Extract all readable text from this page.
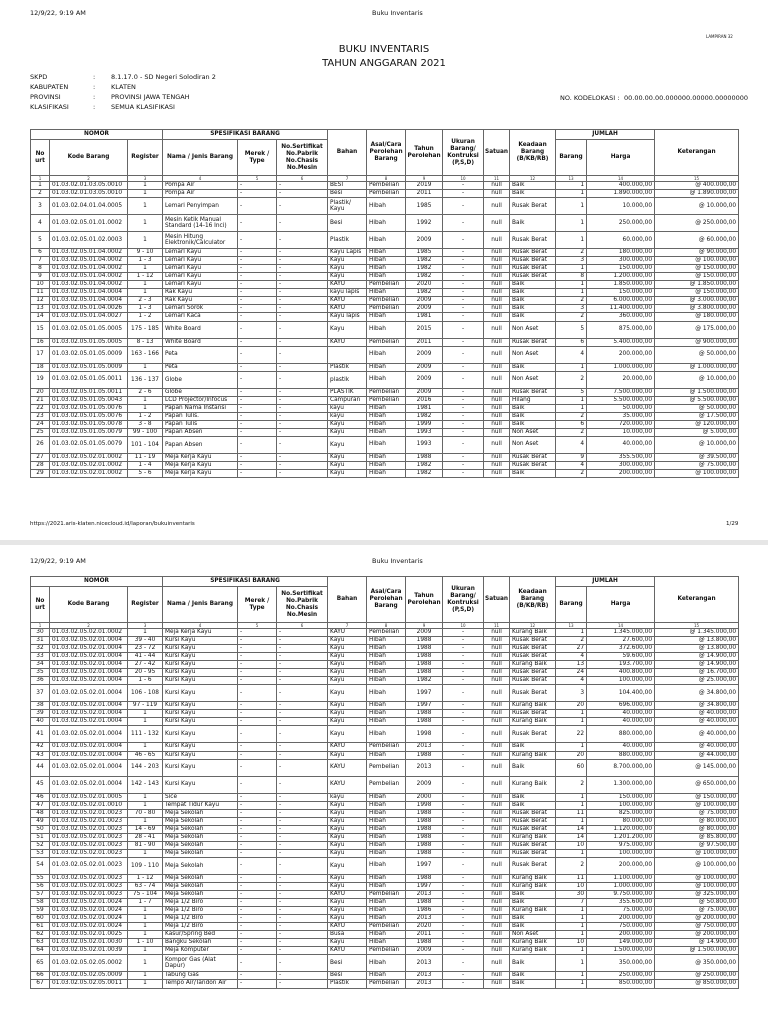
12/9/22, 9:19 AM	Buku Inventaris
LAMPIRAN 32
BUKU INVENTARIS
TAHUN ANGGARAN 2021
SKPD	: 8.1.17.0 - SD Negeri Solodiran 2
KABUPATEN	: KLATEN
PROVINSI	: PROVINSI JAWA TENGAH
KLASIFIKASI	: SEMUA KLASIFIKASI
NO. KODELOKASI : 00.00.00.00.000000.00000.00000000
NOMOR			SPESIFIKASI BARANG			Bahan	Asal/Cara Perolehan Barang	Tahun Perolehan	Ukuran Barang/ Kontruksi (P,S,D)	Satuan	Keadaan Barang (B/KB/RB)	JUMLAH		Keterangan
No urt	Kode Barang	Register	Nama / Jenis Barang	Merek / Type	No.Sertifikat No.Pabrik No.Chasis No.Mesin							Barang	Harga	
1	2	3	4	5	6	7	8	9	10	11	12	13	14	15
1	01.03.02.01.03.05.0010	1	Pompa Air	-	-	BESI	Pembelian	2019	-	null	Baik	1	400.000,00	@ 400.000,00
2	01.03.02.01.03.05.0010	1	Pompa Air	-	-	Besi	Pembelian	2011	-	null	Baik	1	1.890.000,00	@ 1.890.000,00
3	01.03.02.04.01.04.0005	1	Lemari Penyimpan	-	-	Plastik/ Kayu	Hibah	1985	-	null	Rusak Berat	1	10.000,00	@ 10.000,00
4	01.03.02.05.01.01.0002	1	Mesin Ketik Manual Standard (14-16 Inci)	-	-	Besi	Hibah	1992	-	null	Baik	1	250.000,00	@ 250.000,00
5	01.03.02.05.01.02.0003	1	Mesin Hitung Elektronik/Calculator	-	-	Plastik	Hibah	2009	-	null	Rusak Berat	1	60.000,00	@ 60.000,00
6	01.03.02.05.01.04.0002	9 - 10	Lemari Kayu	-	-	Kayu Lapis	Hibah	1985	-	null	Rusak Berat	2	180.000,00	@ 90.000,00
7	01.03.02.05.01.04.0002	1 - 3	Lemari Kayu	-	-	Kayu	Hibah	1982	-	null	Rusak Berat	3	300.000,00	@ 100.000,00
8	01.03.02.05.01.04.0002	1	Lemari Kayu	-	-	Kayu	Hibah	1982	-	null	Rusak Berat	1	150.000,00	@ 150.000,00
9	01.03.02.05.01.04.0002	1 - 12	Lemari Kayu	-	-	Kayu	Hibah	1982	-	null	Rusak Berat	8	1.200.000,00	@ 150.000,00
10	01.03.02.05.01.04.0002	1	Lemari Kayu	-	-	KAYU	Pembelian	2020	-	null	Baik	1	1.850.000,00	@ 1.850.000,00
11	01.03.02.05.01.04.0004	1	Rak Kayu	-	-	kayu lapis	Hibah	1982	-	null	Baik	1	150.000,00	@ 150.000,00
12	01.03.02.05.01.04.0004	2 - 3	Rak Kayu	-	-	KAYU	Pembelian	2009	-	null	Baik	2	6.000.000,00	@ 3.000.000,00
13	01.03.02.05.01.04.0026	1 - 3	Lemari Sorok	-	-	KAYU	Pembelian	2009	-	null	Baik	3	11.400.000,00	@ 3.800.000,00
14	01.03.02.05.01.04.0027	1 - 2	Lemari Kaca	-	-	Kayu lapis	Hibah	1981	-	null	Baik	2	360.000,00	@ 180.000,00
15	01.03.02.05.01.05.0005	175 - 185	White Board	-	-	Kayu	Hibah	2015	-	null	Non Aset	5	875.000,00	@ 175.000,00
16	01.03.02.05.01.05.0005	8 - 13	White Board	-	-	KAYU	Pembelian	2011	-	null	Rusak Berat	6	5.400.000,00	@ 900.000,00
17	01.03.02.05.01.05.0009	163 - 166	Peta	-	-		Hibah	2009	-	null	Non Aset	4	200.000,00	@ 50.000,00
18	01.03.02.05.01.05.0009	1	Peta	-	-	Plastik	Hibah	2009	-	null	Baik	1	1.000.000,00	@ 1.000.000,00
19	01.03.02.05.01.05.0011	136 - 137	Globe	-	-	plastik	Hibah	2009	-	null	Non Aset	2	20.000,00	@ 10.000,00
20	01.03.02.05.01.05.0011	2 - 6	Globe	-	-	PLASTIK	Pembelian	2009	-	null	Rusak Berat	5	7.500.000,00	@ 1.500.000,00
21	01.03.02.05.01.05.0043	1	LCD Projector/Infocus	-	-	Campuran	Pembelian	2016	-	null	Hilang	1	5.500.000,00	@ 5.500.000,00
22	01.03.02.05.01.05.0076	1	Papan Nama Instansi	-	-	kayu	Hibah	1981	-	null	Baik	1	50.000,00	@ 50.000,00
23	01.03.02.05.01.05.0076	1 - 2	Papan Tulis.	-	-	kayu	Hibah	1982	-	null	Baik	2	35.000,00	@ 17.500,00
24	01.03.02.05.01.05.0078	3 - 8	Papan Tulis	-	-	Kayu	Hibah	1999	-	null	Baik	6	720.000,00	@ 120.000,00
25	01.03.02.05.01.05.0079	99 - 100	Papan Absen	-	-	Kayu	Hibah	1993	-	null	Non Aset	2	10.000,00	@ 5.000,00
26	01.03.02.05.01.05.0079	101 - 104	Papan Absen	-	-	Kayu	Hibah	1993	-	null	Non Aset	4	40.000,00	@ 10.000,00
27	01.03.02.05.02.01.0002	11 - 19	Meja Kerja Kayu	-	-	Kayu	Hibah	1988	-	null	Rusak Berat	9	355.500,00	@ 39.500,00
28	01.03.02.05.02.01.0002	1 - 4	Meja Kerja Kayu	-	-	Kayu	Hibah	1982	-	null	Rusak Berat	4	300.000,00	@ 75.000,00
29	01.03.02.05.02.01.0002	5 - 6	Meja Kerja Kayu	-	-	Kayu	Hibah	1982	-	null	Baik	2	200.000,00	@ 100.000,00
https://2021.aris-klaten.nicecloud.id/laporan/bukuinventaris	1/29
12/9/22, 9:19 AM	Buku Inventaris
NOMOR			SPESIFIKASI BARANG			Bahan	Asal/Cara Perolehan Barang	Tahun Perolehan	Ukuran Barang/ Kontruksi (P,S,D)	Satuan	Keadaan Barang (B/KB/RB)	JUMLAH		Keterangan
No urt	Kode Barang	Register	Nama / Jenis Barang	Merek / Type	No.Sertifikat No.Pabrik No.Chasis No.Mesin							Barang	Harga	
1	2	3	4	5	6	7	8	9	10	11	12	13	14	15
30	01.03.02.05.02.01.0002	1	Meja Kerja Kayu	-	-	KAYU	Pembelian	2009	-	null	Kurang Baik	1	1.345.000,00	@ 1.345.000,00
31	01.03.02.05.02.01.0004	39 - 40	Kursi Kayu	-	-	Kayu	Hibah	1988	-	null	Rusak Berat	2	27.600,00	@ 13.800,00
32	01.03.02.05.02.01.0004	23 - 72	Kursi Kayu	-	-	Kayu	Hibah	1988	-	null	Rusak Berat	27	372.600,00	@ 13.800,00
33	01.03.02.05.02.01.0004	41 - 44	Kursi Kayu	-	-	Kayu	Hibah	1988	-	null	Rusak Berat	4	59.600,00	@ 14.900,00
34	01.03.02.05.02.01.0004	27 - 42	Kursi Kayu	-	-	Kayu	Hibah	1988	-	null	Kurang Baik	13	193.700,00	@ 14.900,00
35	01.03.02.05.02.01.0004	20 - 95	Kursi Kayu	-	-	Kayu	Hibah	1988	-	null	Rusak Berat	24	400.800,00	@ 16.700,00
36	01.03.02.05.02.01.0004	1 - 6	Kursi Kayu	-	-	Kayu	Hibah	1982	-	null	Rusak Berat	4	100.000,00	@ 25.000,00
37	01.03.02.05.02.01.0004	106 - 108	Kursi Kayu	-	-	Kayu	Hibah	1997	-	null	Rusak Berat	3	104.400,00	@ 34.800,00
38	01.03.02.05.02.01.0004	97 - 119	Kursi Kayu	-	-	Kayu	Hibah	1997	-	null	Kurang Baik	20	696.000,00	@ 34.800,00
39	01.03.02.05.02.01.0004	1	Kursi Kayu	-	-	Kayu	Hibah	1988	-	null	Rusak Berat	1	40.000,00	@ 40.000,00
40	01.03.02.05.02.01.0004	1	Kursi Kayu	-	-	Kayu	Hibah	1988	-	null	Kurang Baik	1	40.000,00	@ 40.000,00
41	01.03.02.05.02.01.0004	111 - 132	Kursi Kayu	-	-	Kayu	Hibah	1998	-	null	Rusak Berat	22	880.000,00	@ 40.000,00
42	01.03.02.05.02.01.0004	1	Kursi Kayu	-	-	KAYU	Pembelian	2013	-	null	Baik	1	40.000,00	@ 40.000,00
43	01.03.02.05.02.01.0004	46 - 65	Kursi Kayu	-	-	Kayu	Hibah	1988	-	null	Kurang Baik	20	880.000,00	@ 44.000,00
44	01.03.02.05.02.01.0004	144 - 203	Kursi Kayu	-	-	KAYU	Pembelian	2013	-	null	Baik	60	8.700.000,00	@ 145.000,00
45	01.03.02.05.02.01.0004	142 - 143	Kursi Kayu	-	-	KAYU	Pembelian	2009	-	null	Kurang Baik	2	1.300.000,00	@ 650.000,00
46	01.03.02.05.02.01.0005	1	Sice	-	-	kayu	Hibah	2000	-	null	Baik	1	150.000,00	@ 150.000,00
47	01.03.02.05.02.01.0010	1	Tempat Tidur Kayu	-	-	Kayu	Hibah	1998	-	null	Baik	1	100.000,00	@ 100.000,00
48	01.03.02.05.02.01.0023	70 - 80	Meja Sekolah	-	-	Kayu	Hibah	1988	-	null	Rusak Berat	11	825.000,00	@ 75.000,00
49	01.03.02.05.02.01.0023	1	Meja Sekolah	-	-	Kayu	Hibah	1988	-	null	Rusak Berat	1	80.000,00	@ 80.000,00
50	01.03.02.05.02.01.0023	14 - 69	Meja Sekolah	-	-	Kayu	Hibah	1988	-	null	Rusak Berat	14	1.120.000,00	@ 80.000,00
51	01.03.02.05.02.01.0023	28 - 41	Meja Sekolah	-	-	Kayu	Hibah	1988	-	null	Kurang Baik	14	1.201.200,00	@ 85.800,00
52	01.03.02.05.02.01.0023	81 - 90	Meja Sekolah	-	-	Kayu	Hibah	1988	-	null	Rusak Berat	10	975.000,00	@ 97.500,00
53	01.03.02.05.02.01.0023	1	Meja Sekolah	-	-	Kayu	Hibah	1988	-	null	Rusak Berat	1	100.000,00	@ 100.000,00
54	01.03.02.05.02.01.0023	109 - 110	Meja Sekolah	-	-	Kayu	Hibah	1997	-	null	Rusak Berat	2	200.000,00	@ 100.000,00
55	01.03.02.05.02.01.0023	1 - 12	Meja Sekolah	-	-	Kayu	Hibah	1988	-	null	Kurang Baik	11	1.100.000,00	@ 100.000,00
56	01.03.02.05.02.01.0023	63 - 74	Meja Sekolah	-	-	Kayu	Hibah	1997	-	null	Kurang Baik	10	1.000.000,00	@ 100.000,00
57	01.03.02.05.02.01.0023	75 - 104	Meja Sekolah	-	-	KAYU	Pembelian	2013	-	null	Baik	30	9.750.000,00	@ 325.000,00
58	01.03.02.05.02.01.0024	1 - 7	Meja 1/2 Biro	-	-	Kayu	Hibah	1988	-	null	Baik	7	355.600,00	@ 50.800,00
59	01.03.02.05.02.01.0024	1	Meja 1/2 Biro	-	-	Kayu	Hibah	1986	-	null	Kurang Baik	1	75.000,00	@ 75.000,00
60	01.03.02.05.02.01.0024	1	Meja 1/2 Biro	-	-	Kayu	Hibah	2013	-	null	Baik	1	200.000,00	@ 200.000,00
61	01.03.02.05.02.01.0024	1	Meja 1/2 Biro	-	-	KAYU	Pembelian	2020	-	null	Baik	1	750.000,00	@ 750.000,00
62	01.03.02.05.02.01.0025	1	Kasur/Spring Bed	-	-	Busa	Hibah	2011	-	null	Non Aset	1	200.000,00	@ 200.000,00
63	01.03.02.05.02.01.0030	1 - 10	Bangku Sekolah	-	-	Kayu	Hibah	1988	-	null	Kurang Baik	10	149.000,00	@ 14.900,00
64	01.03.02.05.02.01.0039	1	Meja Komputer	-	-	KAYU	Pembelian	2009	-	null	Kurang Baik	1	1.500.000,00	@ 1.500.000,00
65	01.03.02.05.02.05.0002	1	Kompor Gas (Alat Dapur)	-	-	Besi	Hibah	2013	-	null	Baik	1	350.000,00	@ 350.000,00
66	01.03.02.05.02.05.0009	1	Tabung Gas	-	-	Besi	Hibah	2013	-	null	Baik	1	250.000,00	@ 250.000,00
67	01.03.02.05.02.05.0011	1	Tempo Air/Tandon Air	-	-	Plastik	Pembelian	2013	-	null	Baik	1	850.000,00	@ 850.000,00
